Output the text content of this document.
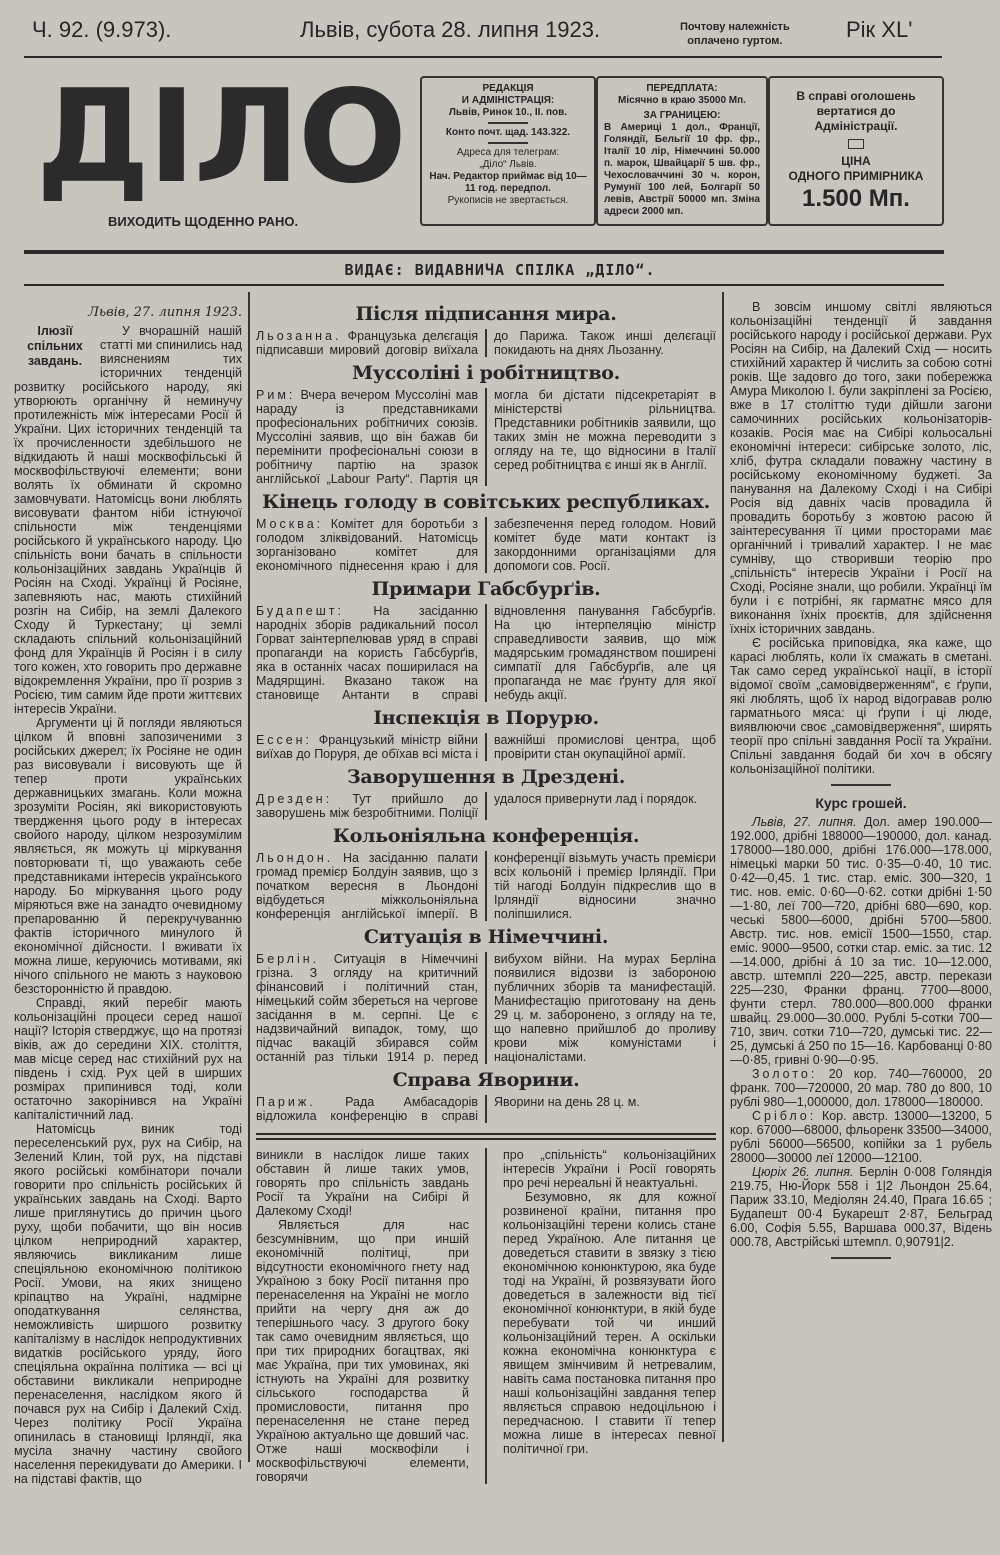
Ч. 92. (9.973).	Львів, субота 28. липня 1923.	Почтову належність
оплачено гуртом.	Рік XL'
ДІЛО
ВИХОДИТЬ ЩОДЕННО РАНО.
РЕДАКЦІЯ
И АДМІНІСТРАЦІЯ:
Львів, Ринок 10., II. пов.
Конто почт. щад. 143.322.
Адреса для телеграм:
„Діло“ Львів.
Нач. Редактор приймає від 10—11 год. передпол.
Рукописів не звертається.
ПЕРЕДПЛАТА:
Місячно в краю 35000 Мп.
ЗА ГРАНИЦЕЮ:
В Америці 1 дол., Франції, Голяндії, Бельгії 10 фр. фр., Італії 10 лір, Німеччині 50.000 п. марок, Швайцарії 5 шв. фр., Чехословаччині 30 ч. корон, Румунії 100 лей, Болгарії 50 левів, Австрії 50000 мп. Зміна адреси 2000 мп.
В справі оголошень вертатися до Адміністрації.
ЦІНА
ОДНОГО ПРИМІРНИКА
1.500 Мп.
ВИДАЄ: ВИДАВНИЧА СПІЛКА „ДІЛО“.
Львів, 27. липня 1923.
Ілюзії спільних завдань.

У вчорашній нашій статті ми спинились над вияснениям тих історичних тенденцій розвитку російського народу, які утворюють органічну й неминучу протилежність між інтересами Росії й України. Цих історичних тенденцій та їх прочисленности здебільшого не відкидають й наші москвофільські й москвофільствуючі елементи; вони волять їх обминати й скромно замовчувати. Натомісць вони люблять висовувати фантом ніби істнуючої спільности між тенденціями російського й українського народу. Цю спільність вони бачать в спільности кольонізаційних завдань Українців й Росіян на Сході. Українці й Росіяне, запевняють нас, мають стихійний розгін на Сибір, на землі Далекого Сходу й Туркестану; ці землі складають спільний кольонізаційний фонд для Українців й Росіян і в силу того кожен, хто говорить про державне відокремлення України, про її розрив з Росією, тим самим йде проти життєвих інтересів України.

Аргументи ці й погляди являються цілком й вповні запозиченими з російських джерел; їх Росіяне не один раз висовували і висовують ще й тепер проти українських державницьких змагань. Коли можна зрозуміти Росіян, які використовують твердження цього роду в інтересах свойого народу, цілком незрозумілим являється, як можуть ці міркування повторювати ті, що уважають себе представниками інтересів українського народу. Бо міркування цього роду міряються вже на занадто очевидному препарованню й перекручуванню фактів історичного минулого й економічної дійсности. І вживати їх можна лише, керуючись мотивами, які нічого спільного не мають з науковою безсторонністю й правдою.

Справді, який перебіг мають кольонізаційні процеси серед нашої нації? Історія стверджує, що на протязі віків, аж до середини XIX. століття, мав місце серед нас стихійний рух на південь і схід. Рух цей в ширших розмірах припинився тоді, коли остаточно закорінився на Україні капіталістичний лад.

Натомісць виник тоді переселенський рух, рух на Сибір, на Зелений Клин, той рух, на підставі якого російські комбінатори почали говорити про спільність російських й українських завдань на Сході. Варто лише приглянутись до причин цього руху, щоби побачити, що він носив цілком неприродний характер, являючись викликаним лише спеціяльною економічною політикою Росії. Умови, на яких знищено кріпацтво на Україні, надмірне оподаткування селянства, неможливість ширшого розвитку капіталізму в наслідок непродуктивних видатків російського уряду, його спеціяльна окраїнна політика — всі ці обставини викликали неприродне перенаселення, наслідком якого й почався рух на Сибір і Далекий Схід. Через політику Росії Україна опинилась в становищі Ірляндії, яка мусіла значну частину свойого населення перекидувати до Америки. І на підставі фактів, що

Після підписання мира.
Льозанна. Французька делєгація підписавши мировий договір виїхала до Парижа. Також инші делєгації покидають на днях Льозанну.
Муссоліні і робітництво.
Рим: Вчера вечером Муссоліні мав нараду із представниками професіональних робітничих союзів. Муссоліні заявив, що він бажав би перемінити професіональні союзи в робітничу партію на зразок англійської „Labour Party“. Партія ця могла би дістати підсекретаріят в міністерстві рільництва. Представники робітників заявили, що таких змін не можна переводити з огляду на те, що відносини в Італії серед робітництва є инші як в Англії.
Кінець голоду в совітських республиках.
Москва: Комітет для боротьби з голодом зліквідований. Натомісць зорганізовано комітет для економічного піднесення краю і для забезпечення перед голодом. Новий комітет буде мати контакт із закордонними організаціями для допомоги сов. Росії.
Примари Габсбурґів.
Будапешт: На засіданню народніх зборів радикальний посол Горват заінтерпелював уряд в справі пропаганди на користь Габсбурґів, яка в останніх часах поширилася на Мадярщині. Вказано також на становище Антанти в справі відновлення панування Габсбурґів. На цю інтерпеляцію міністр справедливости заявив, що між мадярським громадянством поширені симпатії для Габсбурґів, але ця пропаганда не має ґрунту для якої небудь акції.
Інспекція в Порурю.
Ессен: Французький міністр війни виїхав до Поруря, де обїхав всі міста і важнійші промислові центра, щоб провірити стан окупаційної армії.
Заворушення в Дрездені.
Дрезден: Тут прийшло до заворушень між безробітними. Поліції удалося привернути лад і порядок.
Кольоніяльна конференція.
Льондон. На засіданню палати громад премієр Болдуін заявив, що з початком вересня в Льондоні відбудеться міжкольоніяльна конференція англійської імперії. В конференції візьмуть участь премієри всіх кольоній і премієр Ірляндії. При тій нагоді Болдуін підкреслив що в Ірляндії відносини значно поліпшилися.
Ситуація в Німеччині.
Берлін. Ситуація в Німеччині грізна. З огляду на критичний фінансовий і політичний стан, німецький сойм збереться на чергове засідання в м. серпні. Це є надзвичайний випадок, тому, що підчас вакацій збирався сойм останній раз тільки 1914 р. перед вибухом війни. На мурах Берліна появилися відозви із забороною публичних зборів та манифестацій. Манифестацію приготовану на день 29 ц. м. заборонено, з огляду на те, що напевно прийшлоб до проливу крови між комуністами і націоналістами.
Справа Яворини.
Париж. Рада Амбасадорів відложила конференцію в справі Яворини на день 28 ц. м.

виникли в наслідок лише таких обставин й лише таких умов, говорять про спільність завдань Росії та України на Сибірі й Далекому Сході!

Являється для нас безсумнівним, що при иншій економічній політиці, при відсутности економічного гнету над Україною з боку Росії питання про перенаселення на Україні не могло прийти на чергу дня аж до теперішнього часу. З другого боку так само очевидним являється, що при тих природних богацтвах, які має Україна, при тих умовинах, які істнують на Україні для розвитку сільського господарства й промисловости, питання про перенаселення не стане перед Україною актуально ще довший час. Отже наші москвофіли і москвофільствуючі елементи, говорячи

про „спільність“ кольонізаційних інтересів України і Росії говорять про речі нереальні й неактуальні.

Безумовно, як для кожної розвиненої країни, питання про кольонізаційні терени колись стане перед Україною. Але питання це доведеться ставити в звязку з тією економічною конюнктурою, яка буде тоді на Україні, й розвязувати його доведеться в залежности від тієї економічної конюнктури, в якій буде перебувати той чи инший кольонізаційний терен. А оскільки кожна економічна конюнктура є явищем змінчивим й нетревалим, навіть сама постановка питання про наші кольонізаційні завдання тепер являється справою недоцільною і передчасною. І ставити її тепер можна лише в інтересах певної політичної гри.

В зовсім иншому світлі являються кольонізаційні тенденції й завдання російського народу і російської держави. Рух Росіян на Сибір, на Далекий Схід — носить стихійний характер й числить за собою сотні років. Ще задовго до того, заки побережжа Амура Миколою I. були закріплені за Росією, вже в 17 століттю туди дійшли загони самочинних російських кольонізаторів-козаків. Росія має на Сибірі кольосальні економічні інтереси: сибірське золото, ліс, хліб, футра складали поважну частину в російському економічному буджеті. За панування на Далекому Сході і на Сибірі Росія від давніх часів провадила й провадить боротьбу з жовтою расою й заінтересування її цими просторами має органічний і тривалий характер. І не має сумніву, що створивши теорію про „спільність“ інтересів України і Росії на Сході, Росіяне знали, що робили. Українці їм були і є потрібні, як гарматнє мясо для виконання їхніх проєктів, для здійснення їхніх історичних завдань.

Є російська приповідка, яка каже, що карасі люблять, коли їх смажать в сметані. Так само серед української нації, в історії відомої своїм „самовідверженням“, є ґрупи, які люблять, щоб їх народ відогравав ролю гарматнього мяса: ці ґрупи і ці люде, виявлюючи своє „самовідверження“, ширять теорії про спільні завдання Росії та України. Спільні завдання бодай би хоч в обсягу кольонізаційної політики.

Курс грошей.

Львів, 27. липня. Дол. амер 190.000—192.000, дрібні 188000—190000, дол. канад. 178000—180.000, дрібні 176.000—178.000, німецькі марки 50 тис. 0·35—0·40, 10 тис. 0·42—0,45. 1 тис. стар. еміс. 300—320, 1 тис. нов. еміс. 0·60—0·62. сотки дрібні 1·50—1·80, леї 700—720, дрібні 680—690, кор. чеські 5800—6000, дрібні 5700—5800. Австр. тис. нов. емісії 1500—1550, стар. еміс. 9000—9500, сотки стар. еміс. за тис. 12—14.000, дрібні á 10 за тис. 10—12.000, австр. штемплі 220—225, австр. перекази 225—230, Франки франц. 7700—8000, фунти стерл. 780.000—800.000 франки швайц. 29.000—30.000. Рублі 5-сотки 700—710, звич. сотки 710—720, думські тис. 22—25, думські á 250 по 15—16. Карбованці 0·80—0·85, гривні 0·90—0·95.

Золото: 20 кор. 740—760000, 20 франк. 700—720000, 20 мар. 780 до 800, 10 рублі 980—1,000000, дол. 178000—180000.

Срібло: Кор. австр. 13000—13200, 5 кор. 67000—68000, фльоренк 33500—34000, рублі 56000—56500, копійки за 1 рубель 28000—30000 леї 12000—12100.

Цюріх 26. липня. Берлін 0·008 Голяндія 219.75, Ню-Йорк 558 і 1|2 Льондон 25.64, Париж 33.10, Медіолян 24.40, Прага 16.65 ; Будапешт 00·4 Букарешт 2·87, Бельград 6.00, Софія 5.55, Варшава 000.37, Відень 000.78, Австрійські штемпл. 0,90791|2.
